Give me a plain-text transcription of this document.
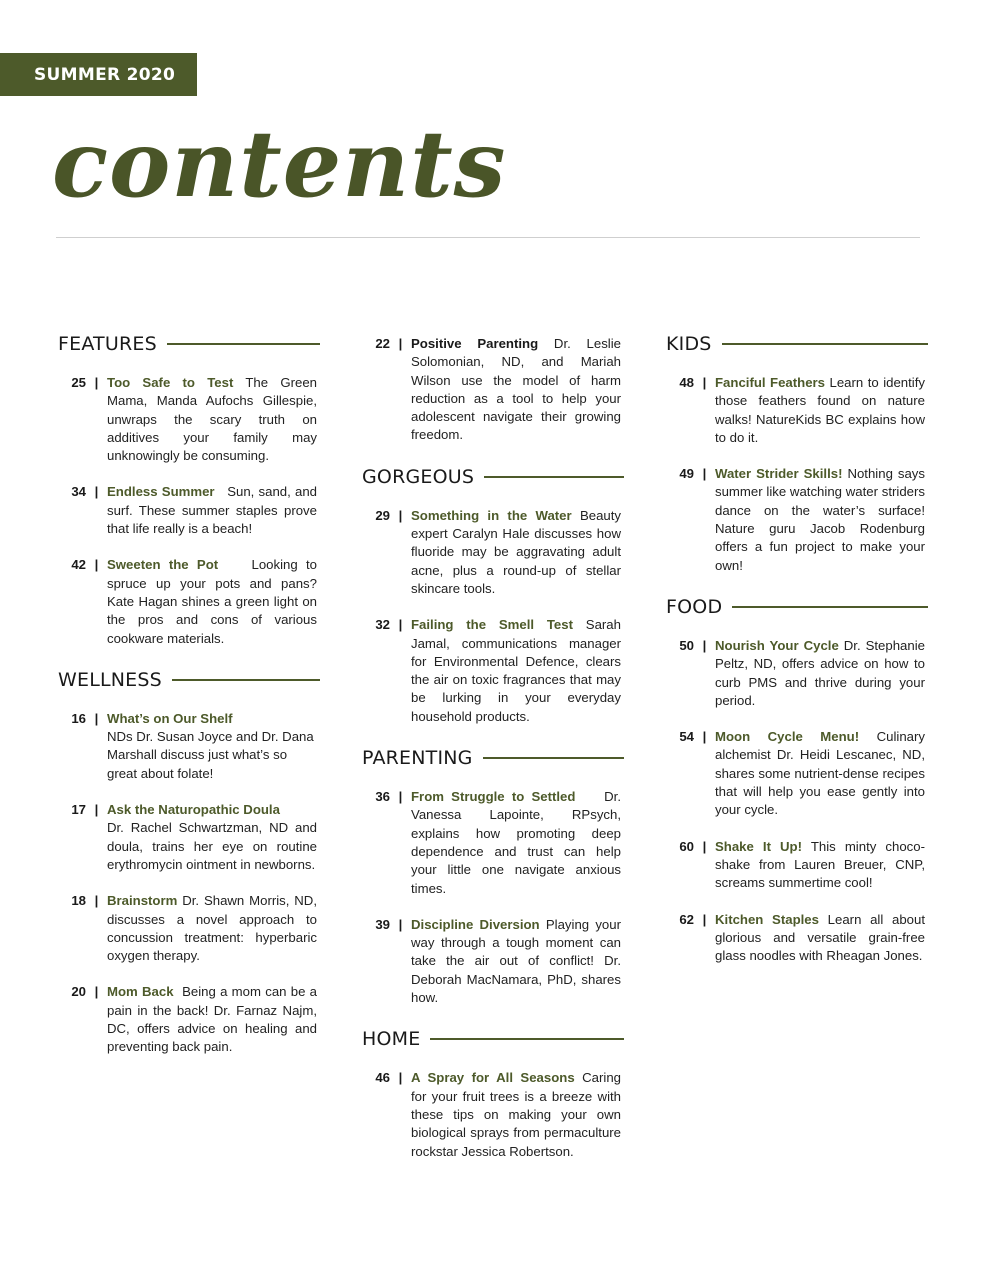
SUMMER 2020
contents
FEATURES
25 | Too Safe to Test The Green Mama, Manda Aufochs Gillespie, unwraps the scary truth on additives your family may unknowingly be consuming.
34 | Endless Summer Sun, sand, and surf. These summer staples prove that life really is a beach!
42 | Sweeten the Pot	Looking to spruce up your pots and pans? Kate Hagan shines a green light on the pros and cons of various cookware materials.
WELLNESS
16 | What’s on Our Shelf
NDs Dr. Susan Joyce and Dr. Dana Marshall discuss just what’s so great about folate!
17 | Ask the Naturopathic Doula
Dr. Rachel Schwartzman, ND and doula, trains her eye on routine erythromycin ointment in newborns.
18 | Brainstorm Dr. Shawn Morris, ND, discusses a novel approach to concussion treatment: hyperbaric oxygen therapy.
20 | Mom Back Being a mom can be a pain in the back! Dr. Farnaz Najm, DC, offers advice on healing and preventing back pain.
22 | Positive Parenting Dr. Leslie Solomonian, ND, and Mariah Wilson use the model of harm reduction as a tool to help your adolescent navigate their growing freedom.
GORGEOUS
29 | Something in the Water Beauty expert Caralyn Hale discusses how fluoride may be aggravating adult acne, plus a round-up of stellar skincare tools.
32 | Failing the Smell Test Sarah Jamal, communications manager for Environmental Defence, clears the air on toxic fragrances that may be lurking in your everyday household products.
PARENTING
36 | From Struggle to Settled Dr. Vanessa Lapointe, RPsych, explains how promoting deep dependence and trust can help your little one navigate anxious times.
39 | Discipline Diversion Playing your way through a tough moment can take the air out of conflict! Dr. Deborah MacNamara, PhD, shares how.
HOME
46 | A Spray for All Seasons Caring for your fruit trees is a breeze with these tips on making your own biological sprays from permaculture rockstar Jessica Robertson.
KIDS
48 | Fanciful Feathers Learn to identify those feathers found on nature walks! NatureKids BC explains how to do it.
49 | Water Strider Skills! Nothing says summer like watching water striders dance on the water’s surface! Nature guru Jacob Rodenburg offers a fun project to make your own!
FOOD
50 | Nourish Your Cycle Dr. Stephanie Peltz, ND, offers advice on how to curb PMS and thrive during your period.
54 | Moon Cycle Menu! Culinary alchemist Dr. Heidi Lescanec, ND, shares some nutrient-dense recipes that will help you ease gently into your cycle.
60 | Shake It Up! This minty choco-shake from Lauren Breuer, CNP, screams summertime cool!
62 | Kitchen Staples Learn all about glorious and versatile grain-free glass noodles with Rheagan Jones.
